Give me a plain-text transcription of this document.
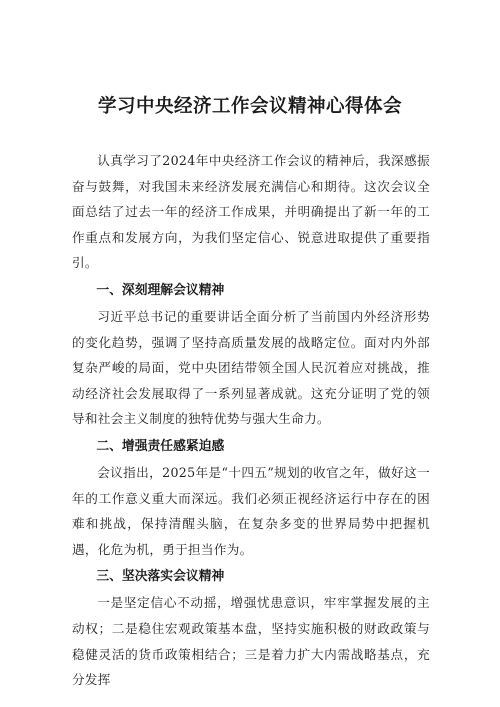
学习中央经济工作会议精神心得体会

认真学习了2024年中央经济工作会议的精神后，我深感振奋与鼓舞，对我国未来经济发展充满信心和期待。这次会议全面总结了过去一年的经济工作成果，并明确提出了新一年的工作重点和发展方向，为我们坚定信心、锐意进取提供了重要指引。

一、深刻理解会议精神

习近平总书记的重要讲话全面分析了当前国内外经济形势的变化趋势，强调了坚持高质量发展的战略定位。面对内外部复杂严峻的局面，党中央团结带领全国人民沉着应对挑战，推动经济社会发展取得了一系列显著成就。这充分证明了党的领导和社会主义制度的独特优势与强大生命力。

二、增强责任感紧迫感

会议指出，2025年是“十四五”规划的收官之年，做好这一年的工作意义重大而深远。我们必须正视经济运行中存在的困难和挑战，保持清醒头脑，在复杂多变的世界局势中把握机遇，化危为机，勇于担当作为。

三、坚决落实会议精神

一是坚定信心不动摇，增强忧患意识，牢牢掌握发展的主动权；二是稳住宏观政策基本盘，坚持实施积极的财政政策与稳健灵活的货币政策相结合；三是着力扩大内需战略基点，充分发挥
